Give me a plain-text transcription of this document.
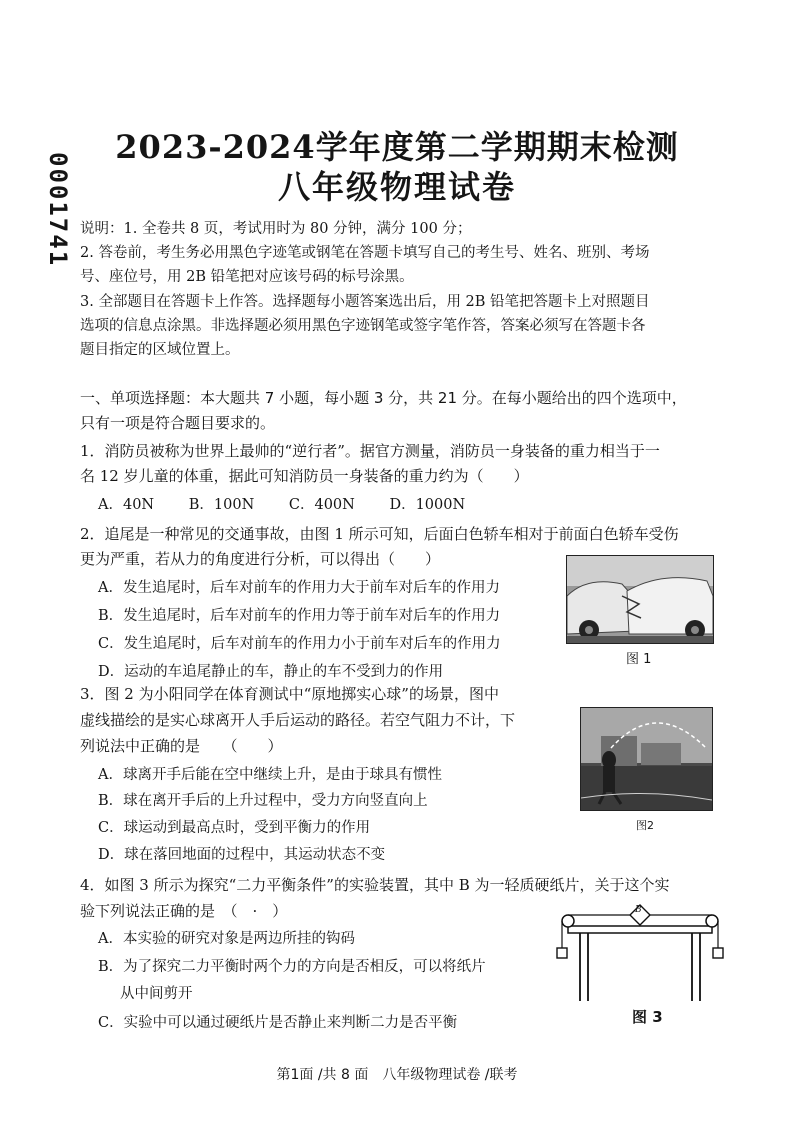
0001741
2023-2024学年度第二学期期末检测
八年级物理试卷
说明：1. 全卷共 8 页，考试用时为 80 分钟，满分 100 分；
2. 答卷前，考生务必用黑色字迹笔或钢笔在答题卡填写自己的考生号、姓名、班别、考场
号、座位号，用 2B 铅笔把对应该号码的标号涂黑。
3. 全部题目在答题卡上作答。选择题每小题答案选出后，用 2B 铅笔把答题卡上对照题目
选项的信息点涂黑。非选择题必须用黑色字迹钢笔或签字笔作答，答案必须写在答题卡各
题目指定的区域位置上。
一、单项选择题：本大题共 7 小题，每小题 3 分，共 21 分。在每小题给出的四个选项中，
只有一项是符合题目要求的。
1．消防员被称为世界上最帅的“逆行者”。据官方测量，消防员一身装备的重力相当于一
名 12 岁儿童的体重，据此可知消防员一身装备的重力约为（　　）
A．40N B．100N C．400N D．1000N
2．追尾是一种常见的交通事故，由图 1 所示可知，后面白色轿车相对于前面白色轿车受伤
更为严重，若从力的角度进行分析，可以得出（　　）
A．发生追尾时，后车对前车的作用力大于前车对后车的作用力
B．发生追尾时，后车对前车的作用力等于前车对后车的作用力
C．发生追尾时，后车对前车的作用力小于前车对后车的作用力
D．运动的车追尾静止的车，静止的车不受到力的作用
图 1
3．图 2 为小阳同学在体育测试中“原地掷实心球”的场景，图中
虚线描绘的是实心球离开人手后运动的路径。若空气阻力不计，下
列说法中正确的是　　（　　）
A．球离开手后能在空中继续上升，是由于球具有惯性
B．球在离开手后的上升过程中，受力方向竖直向上
C．球运动到最高点时，受到平衡力的作用
D．球在落回地面的过程中，其运动状态不变
图2
4．如图 3 所示为探究“二力平衡条件”的实验装置，其中 B 为一轻质硬纸片，关于这个实
验下列说法正确的是　（　·　）
A．本实验的研究对象是两边所挂的钩码
B．为了探究二力平衡时两个力的方向是否相反，可以将纸片
从中间剪开
C．实验中可以通过硬纸片是否静止来判断二力是否平衡
B
图 3
第1面 /共 8 面　八年级物理试卷 /联考
